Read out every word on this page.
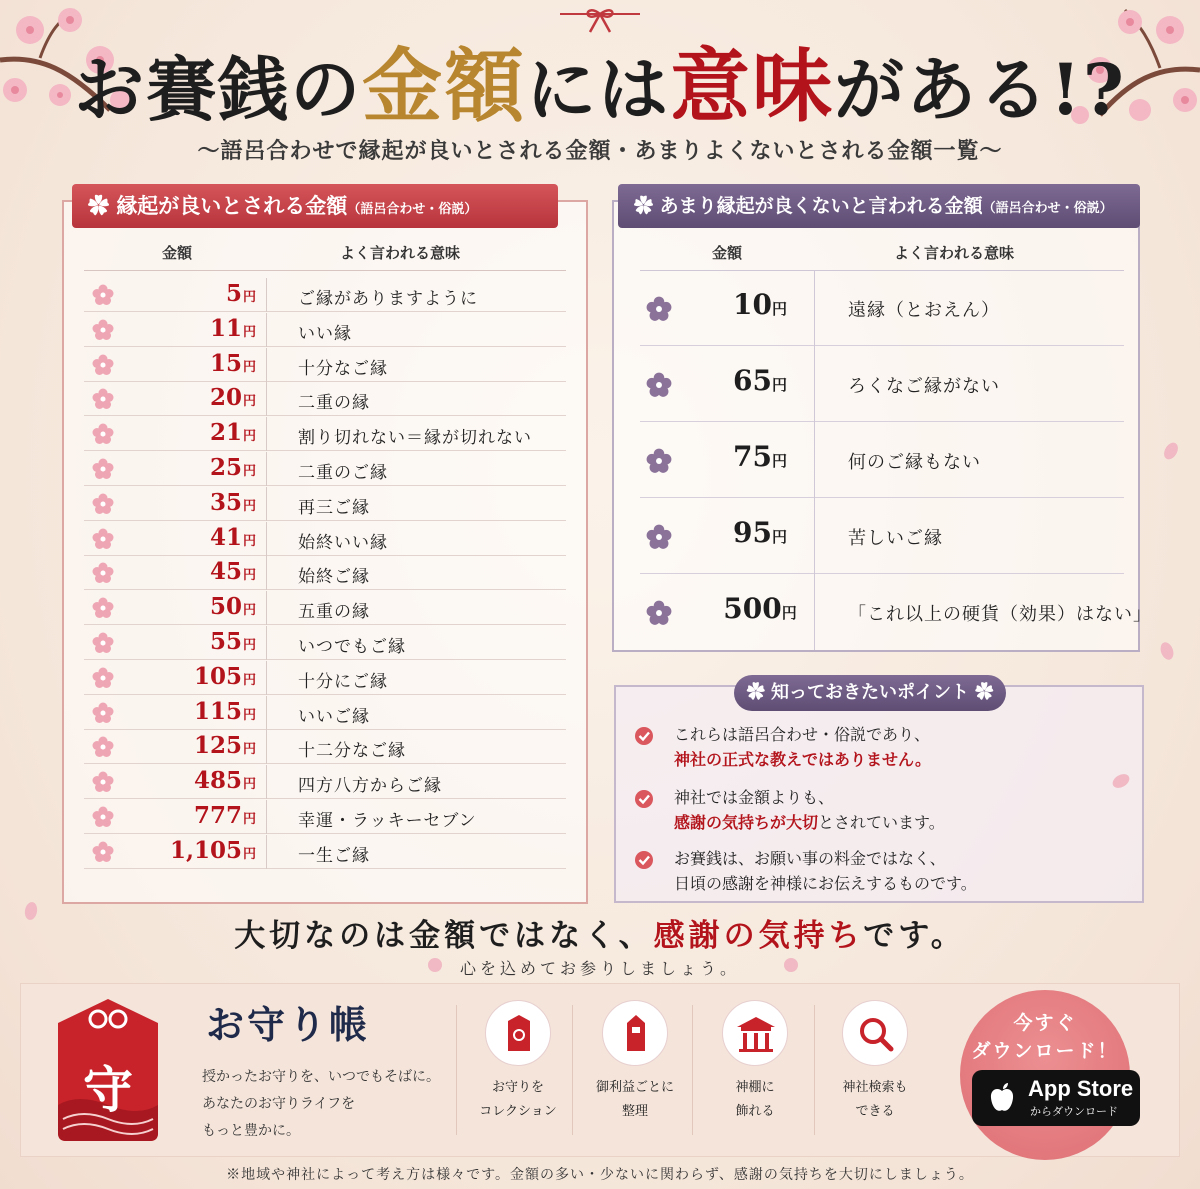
お賽銭の金額には意味がある!?
～語呂合わせで縁起が良いとされる金額・あまりよくないとされる金額一覧～
✿ 縁起が良いとされる金額（語呂合わせ・俗説）
金額	よく言われる意味
5円 ご縁がありますように
11円 いい縁
15円 十分なご縁
20円 二重の縁
21円 割り切れない＝縁が切れない
25円 二重のご縁
35円 再三ご縁
41円 始終いい縁
45円 始終ご縁
50円 五重の縁
55円 いつでもご縁
105円 十分にご縁
115円 いいご縁
125円 十二分なご縁
485円 四方八方からご縁
777円 幸運・ラッキーセブン
1,105円 一生ご縁
✿ あまり縁起が良くないと言われる金額（語呂合わせ・俗説）
金額	よく言われる意味
10円	遠縁（とおえん）
65円	ろくなご縁がない
75円	何のご縁もない
95円	苦しいご縁
500円	「これ以上の硬貨（効果）はない」
✿ 知っておきたいポイント ✿
これらは語呂合わせ・俗説であり、
神社の正式な教えではありません。
神社では金額よりも、
感謝の気持ちが大切とされています。
お賽銭は、お願い事の料金ではなく、
日頃の感謝を神様にお伝えするものです。
大切なのは金額ではなく、感謝の気持ちです。
心を込めてお参りしましょう。
守
お守り帳
授かったお守りを、いつでもそばに。
あなたのお守りライフを
もっと豊かに。
お守りを
コレクション
御利益ごとに
整理
神棚に
飾れる
神社検索も
できる
今すぐ
ダウンロード！
App Store
からダウンロード
※地域や神社によって考え方は様々です。金額の多い・少ないに関わらず、感謝の気持ちを大切にしましょう。
